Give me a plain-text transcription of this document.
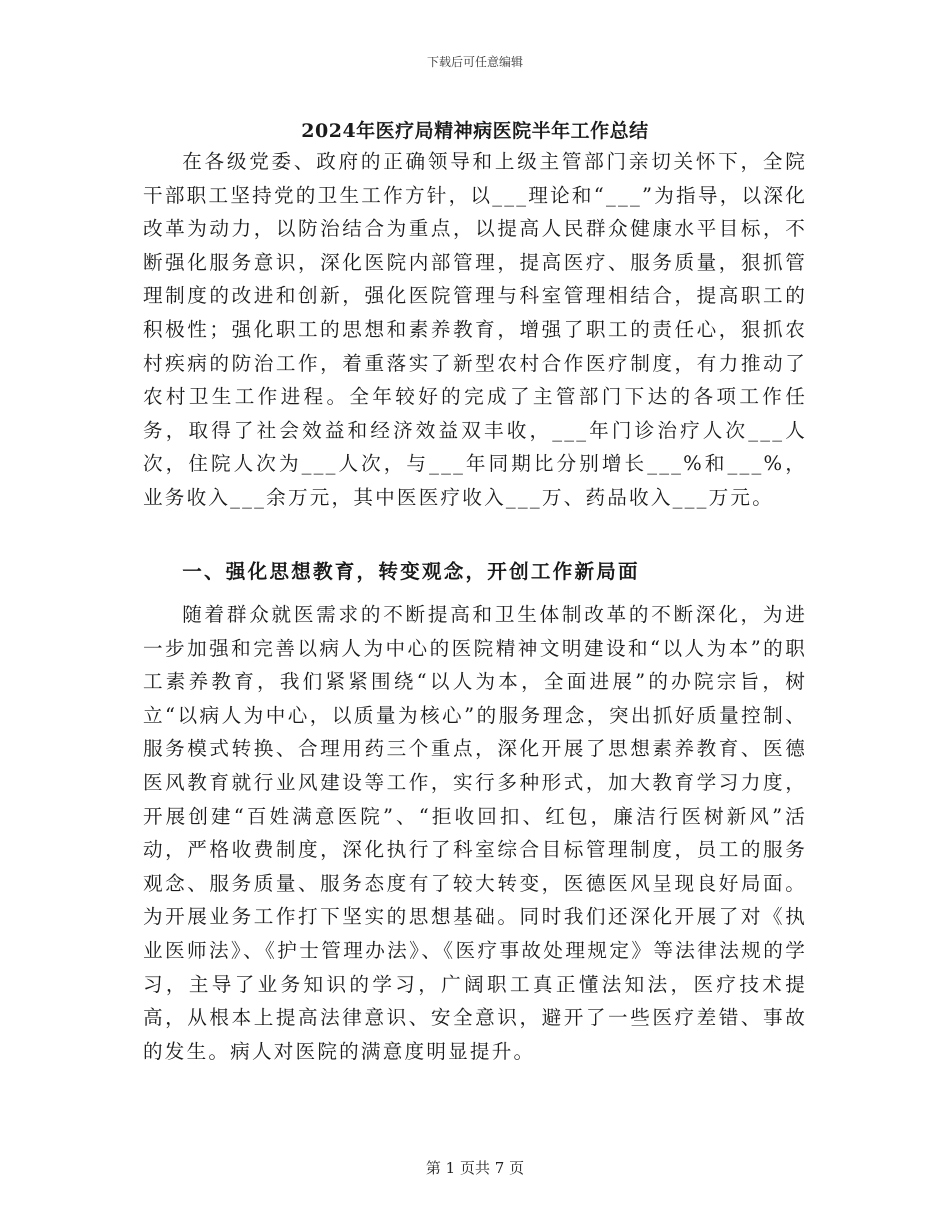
下载后可任意编辑
2024年医疗局精神病医院半年工作总结

在各级党委、政府的正确领导和上级主管部门亲切关怀下，全院干部职工坚持党的卫生工作方针，以___理论和“___”为指导，以深化改革为动力，以防治结合为重点，以提高人民群众健康水平目标，不断强化服务意识，深化医院内部管理，提高医疗、服务质量，狠抓管理制度的改进和创新，强化医院管理与科室管理相结合，提高职工的积极性；强化职工的思想和素养教育，增强了职工的责任心，狠抓农村疾病的防治工作，着重落实了新型农村合作医疗制度，有力推动了农村卫生工作进程。全年较好的完成了主管部门下达的各项工作任务，取得了社会效益和经济效益双丰收，___年门诊治疗人次___人次，住院人次为___人次，与___年同期比分别增长___%和___%，业务收入___余万元，其中医医疗收入___万、药品收入___万元。

一、强化思想教育，转变观念，开创工作新局面

随着群众就医需求的不断提高和卫生体制改革的不断深化，为进一步加强和完善以病人为中心的医院精神文明建设和“以人为本”的职工素养教育，我们紧紧围绕“以人为本，全面进展”的办院宗旨，树立“以病人为中心，以质量为核心”的服务理念，突出抓好质量控制、服务模式转换、合理用药三个重点，深化开展了思想素养教育、医德医风教育就行业风建设等工作，实行多种形式，加大教育学习力度，开展创建“百姓满意医院”、“拒收回扣、红包，廉洁行医树新风”活动，严格收费制度，深化执行了科室综合目标管理制度，员工的服务观念、服务质量、服务态度有了较大转变，医德医风呈现良好局面。为开展业务工作打下坚实的思想基础。同时我们还深化开展了对《执业医师法》、《护士管理办法》、《医疗事故处理规定》等法律法规的学习，主导了业务知识的学习，广阔职工真正懂法知法，医疗技术提高，从根本上提高法律意识、安全意识，避开了一些医疗差错、事故的发生。病人对医院的满意度明显提升。

第 1 页共 7 页
